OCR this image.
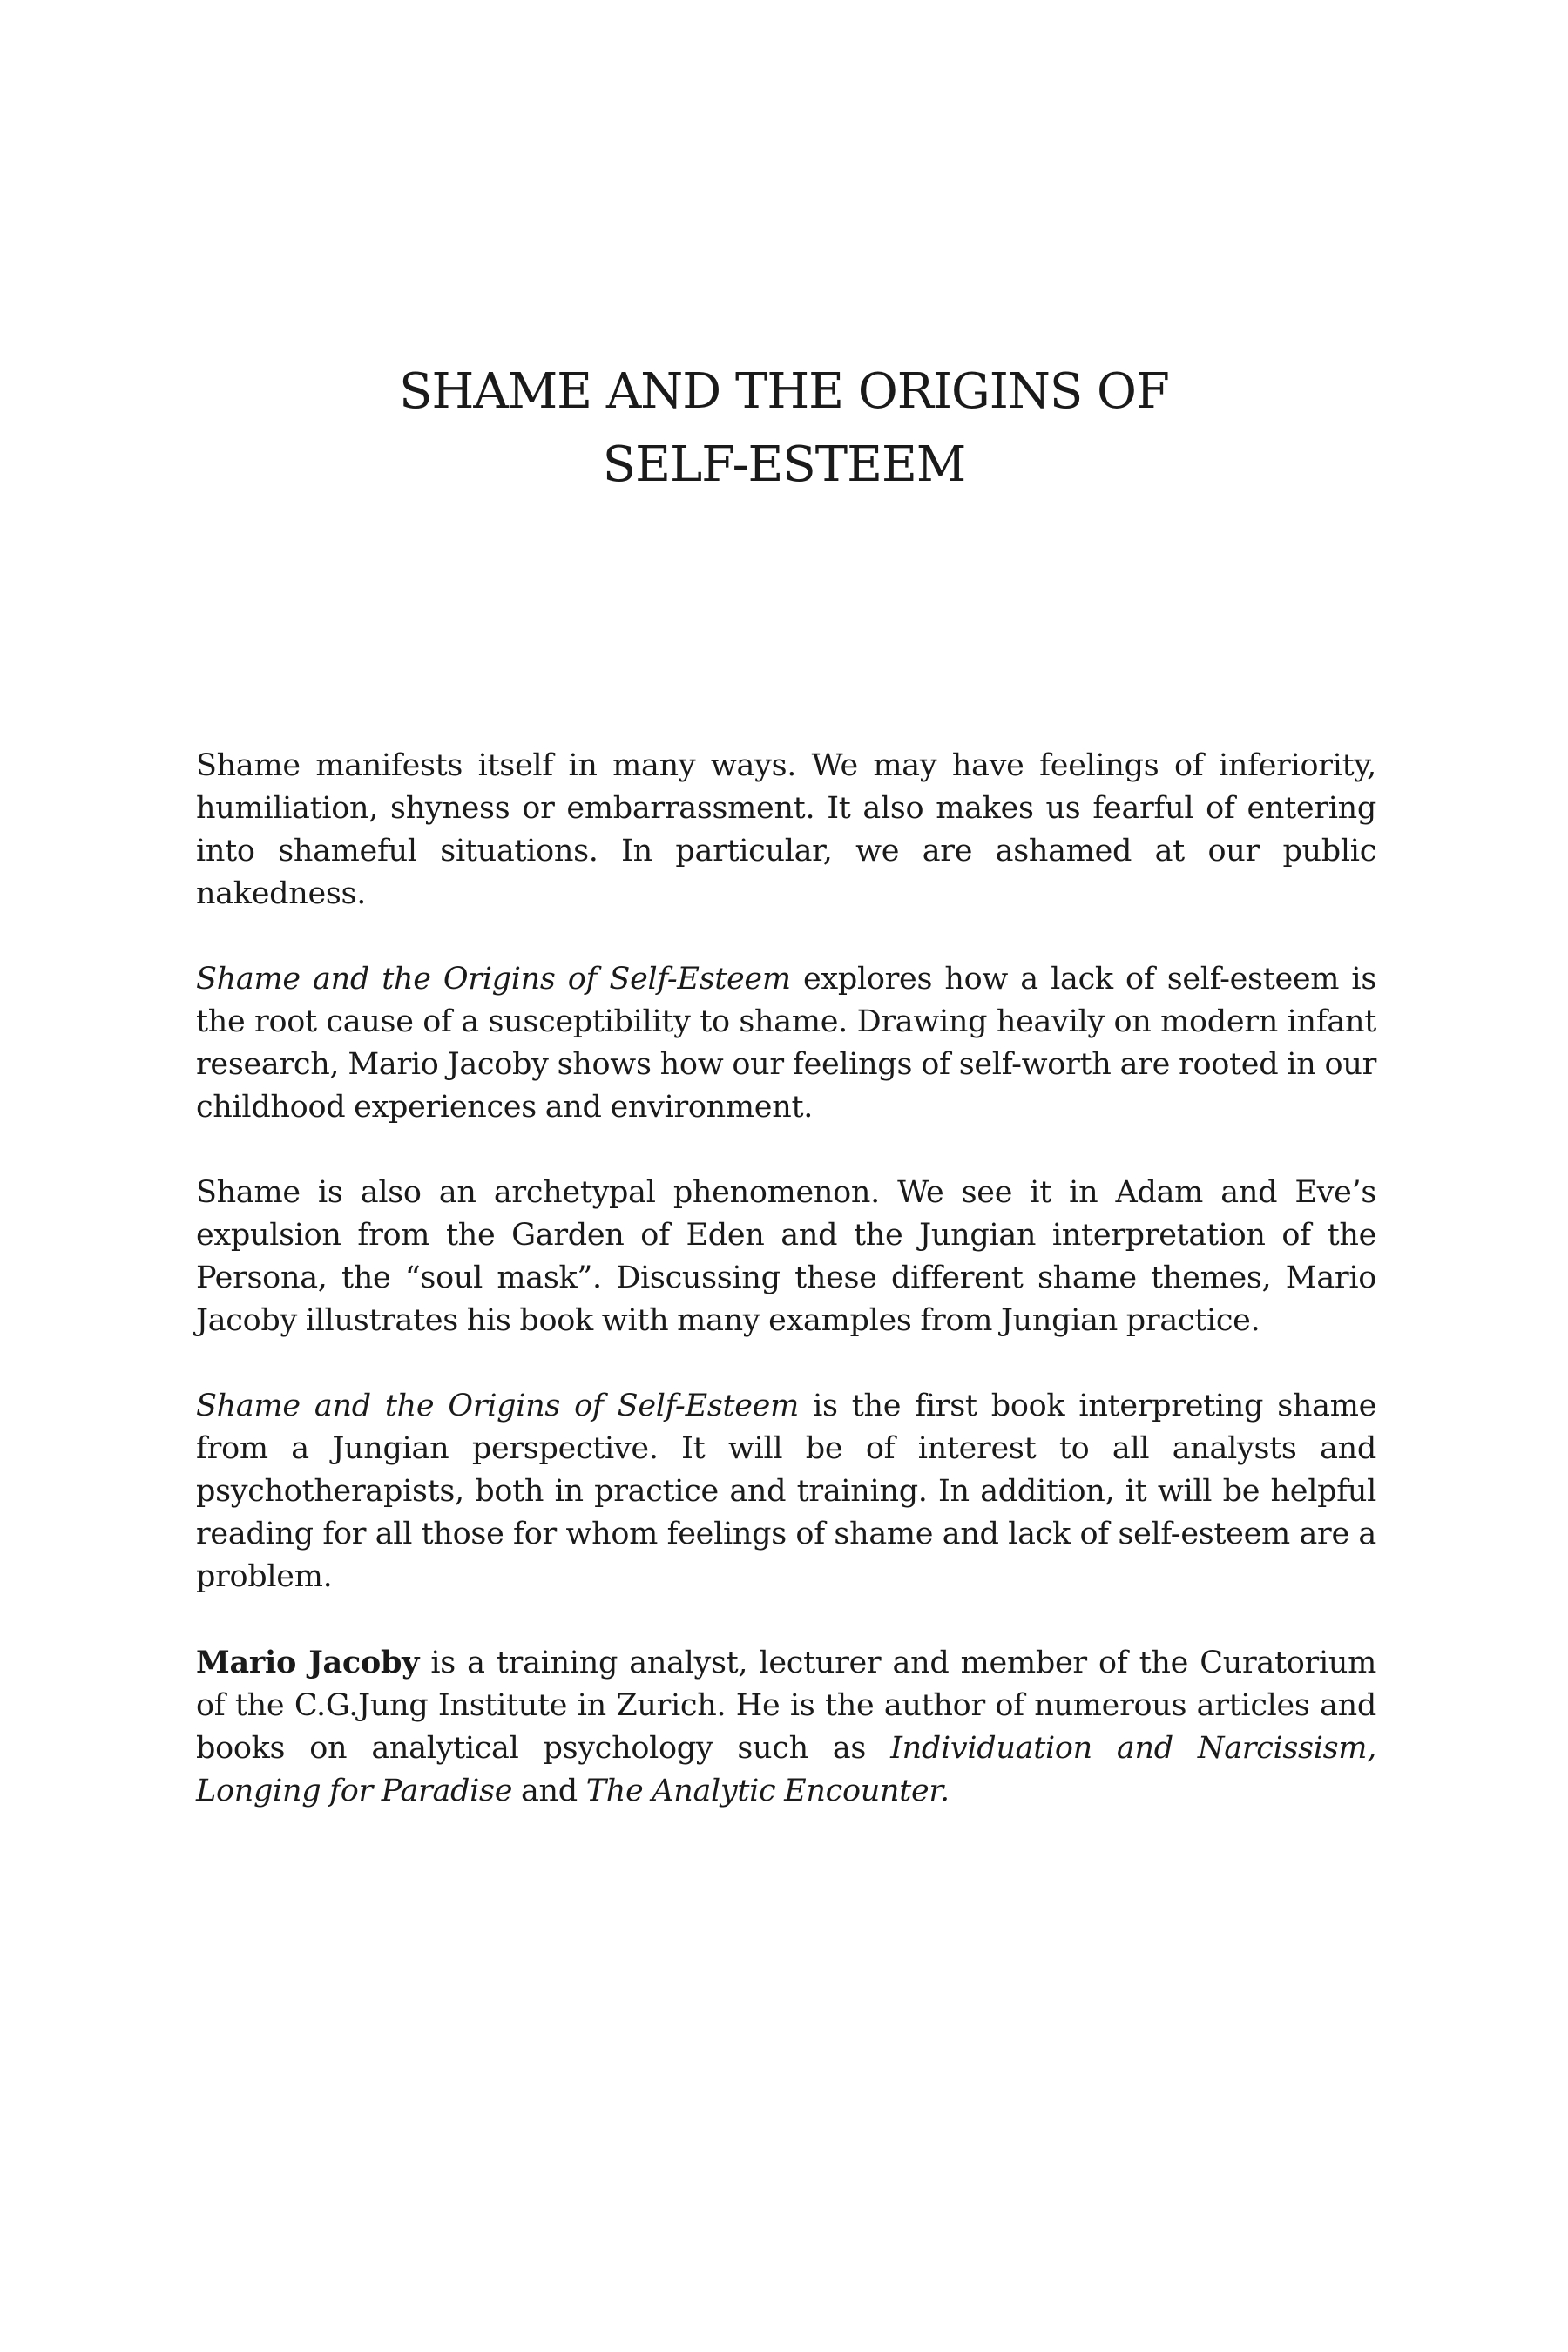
SHAME AND THE ORIGINS OF
SELF-ESTEEM

Shame manifests itself in many ways. We may have feelings of inferiority, humiliation, shyness or embarrassment. It also makes us fearful of entering into shameful situations. In particular, we are ashamed at our public nakedness.

Shame and the Origins of Self-Esteem explores how a lack of self-esteem is the root cause of a susceptibility to shame. Drawing heavily on modern infant research, Mario Jacoby shows how our feelings of self-worth are rooted in our childhood experiences and environment.

Shame is also an archetypal phenomenon. We see it in Adam and Eve’s expulsion from the Garden of Eden and the Jungian interpretation of the Persona, the “soul mask”. Discussing these different shame themes, Mario Jacoby illustrates his book with many examples from Jungian practice.

Shame and the Origins of Self-Esteem is the first book interpreting shame from a Jungian perspective. It will be of interest to all analysts and psychotherapists, both in practice and training. In addition, it will be helpful reading for all those for whom feelings of shame and lack of self-esteem are a problem.

Mario Jacoby is a training analyst, lecturer and member of the Curatorium of the C.G.Jung Institute in Zurich. He is the author of numerous articles and books on analytical psychology such as Individuation and Narcissism, Longing for Paradise and The Analytic Encounter.
